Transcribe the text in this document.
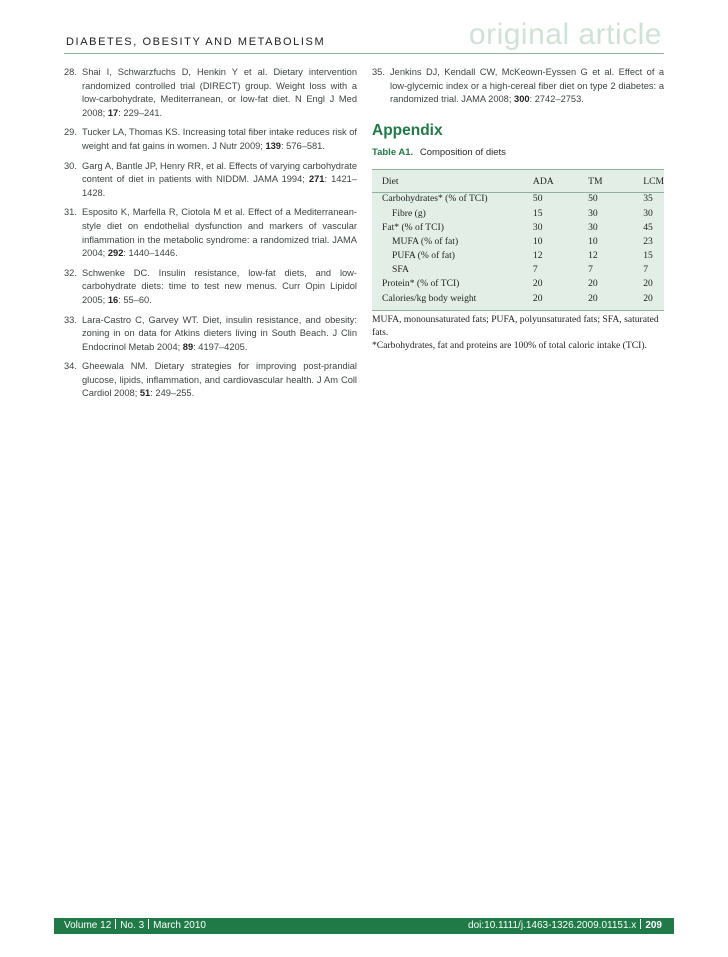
DIABETES, OBESITY AND METABOLISM	original article
28. Shai I, Schwarzfuchs D, Henkin Y et al. Dietary intervention randomized controlled trial (DIRECT) group. Weight loss with a low-carbohydrate, Mediterranean, or low-fat diet. N Engl J Med 2008; 17: 229–241.
29. Tucker LA, Thomas KS. Increasing total fiber intake reduces risk of weight and fat gains in women. J Nutr 2009; 139: 576–581.
30. Garg A, Bantle JP, Henry RR, et al. Effects of varying carbohydrate content of diet in patients with NIDDM. JAMA 1994; 271: 1421–1428.
31. Esposito K, Marfella R, Ciotola M et al. Effect of a Mediterranean-style diet on endothelial dysfunction and markers of vascular inflammation in the metabolic syndrome: a randomized trial. JAMA 2004; 292: 1440–1446.
32. Schwenke DC. Insulin resistance, low-fat diets, and low-carbohydrate diets: time to test new menus. Curr Opin Lipidol 2005; 16: 55–60.
33. Lara-Castro C, Garvey WT. Diet, insulin resistance, and obesity: zoning in on data for Atkins dieters living in South Beach. J Clin Endocrinol Metab 2004; 89: 4197–4205.
34. Gheewala NM. Dietary strategies for improving post-prandial glucose, lipids, inflammation, and cardiovascular health. J Am Coll Cardiol 2008; 51: 249–255.
35. Jenkins DJ, Kendall CW, McKeown-Eyssen G et al. Effect of a low-glycemic index or a high-cereal fiber diet on type 2 diabetes: a randomized trial. JAMA 2008; 300: 2742–2753.
Appendix
Table A1. Composition of diets
Diet	ADA	TM	LCM
Carbohydrates* (% of TCI)	50	50	35
Fibre (g)	15	30	30
Fat* (% of TCI)	30	30	45
MUFA (% of fat)	10	10	23
PUFA (% of fat)	12	12	15
SFA	7	7	7
Protein* (% of TCI)	20	20	20
Calories/kg body weight	20	20	20
MUFA, monounsaturated fats; PUFA, polyunsaturated fats; SFA, saturated fats.
*Carbohydrates, fat and proteins are 100% of total caloric intake (TCI).
Volume 12 No. 3 March 2010	doi:10.1111/j.1463-1326.2009.01151.x 209
